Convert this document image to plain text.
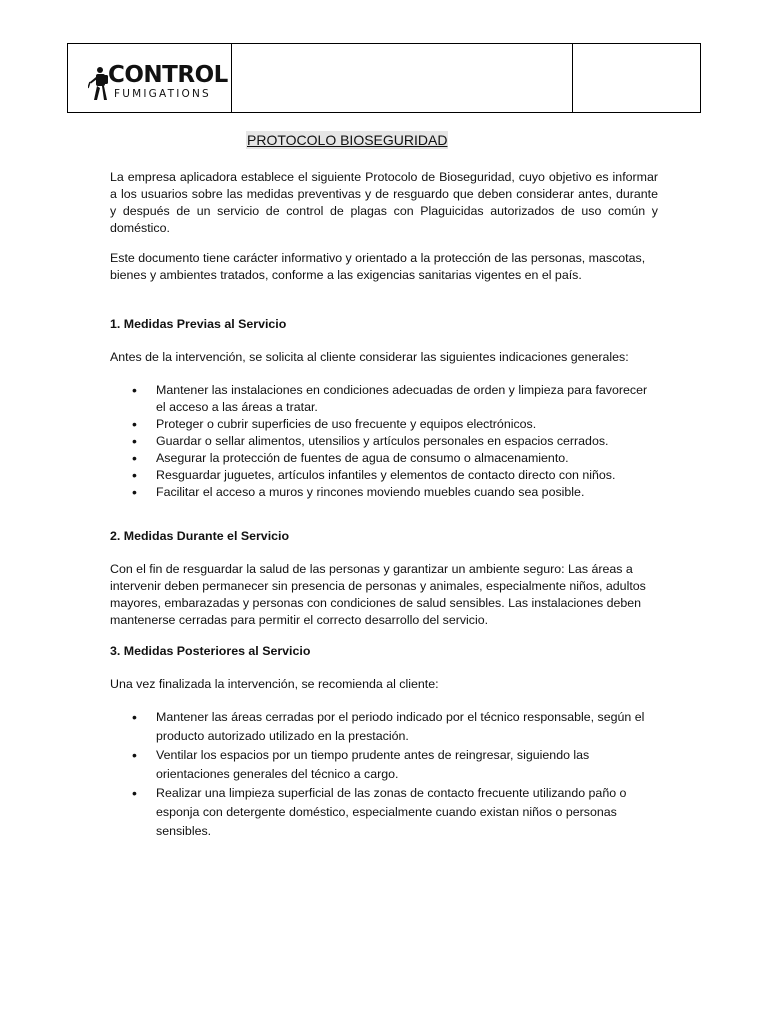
CONTROL
FUMIGATIONS
PROTOCOLO BIOSEGURIDAD

La empresa aplicadora establece el siguiente Protocolo de Bioseguridad, cuyo objetivo es informar a los usuarios sobre las medidas preventivas y de resguardo que deben considerar antes, durante y después de un servicio de control de plagas con Plaguicidas autorizados de uso común y doméstico.

Este documento tiene carácter informativo y orientado a la protección de las personas, mascotas, bienes y ambientes tratados, conforme a las exigencias sanitarias vigentes en el país.

1. Medidas Previas al Servicio

Antes de la intervención, se solicita al cliente considerar las siguientes indicaciones generales:

• Mantener las instalaciones en condiciones adecuadas de orden y limpieza para favorecer el acceso a las áreas a tratar.
• Proteger o cubrir superficies de uso frecuente y equipos electrónicos.
• Guardar o sellar alimentos, utensilios y artículos personales en espacios cerrados.
• Asegurar la protección de fuentes de agua de consumo o almacenamiento.
• Resguardar juguetes, artículos infantiles y elementos de contacto directo con niños.
• Facilitar el acceso a muros y rincones moviendo muebles cuando sea posible.
2. Medidas Durante el Servicio

Con el fin de resguardar la salud de las personas y garantizar un ambiente seguro: Las áreas a intervenir deben permanecer sin presencia de personas y animales, especialmente niños, adultos mayores, embarazadas y personas con condiciones de salud sensibles. Las instalaciones deben mantenerse cerradas para permitir el correcto desarrollo del servicio.

3. Medidas Posteriores al Servicio

Una vez finalizada la intervención, se recomienda al cliente:

• Mantener las áreas cerradas por el periodo indicado por el técnico responsable, según el producto autorizado utilizado en la prestación.
• Ventilar los espacios por un tiempo prudente antes de reingresar, siguiendo las orientaciones generales del técnico a cargo.
• Realizar una limpieza superficial de las zonas de contacto frecuente utilizando paño o esponja con detergente doméstico, especialmente cuando existan niños o personas sensibles.
